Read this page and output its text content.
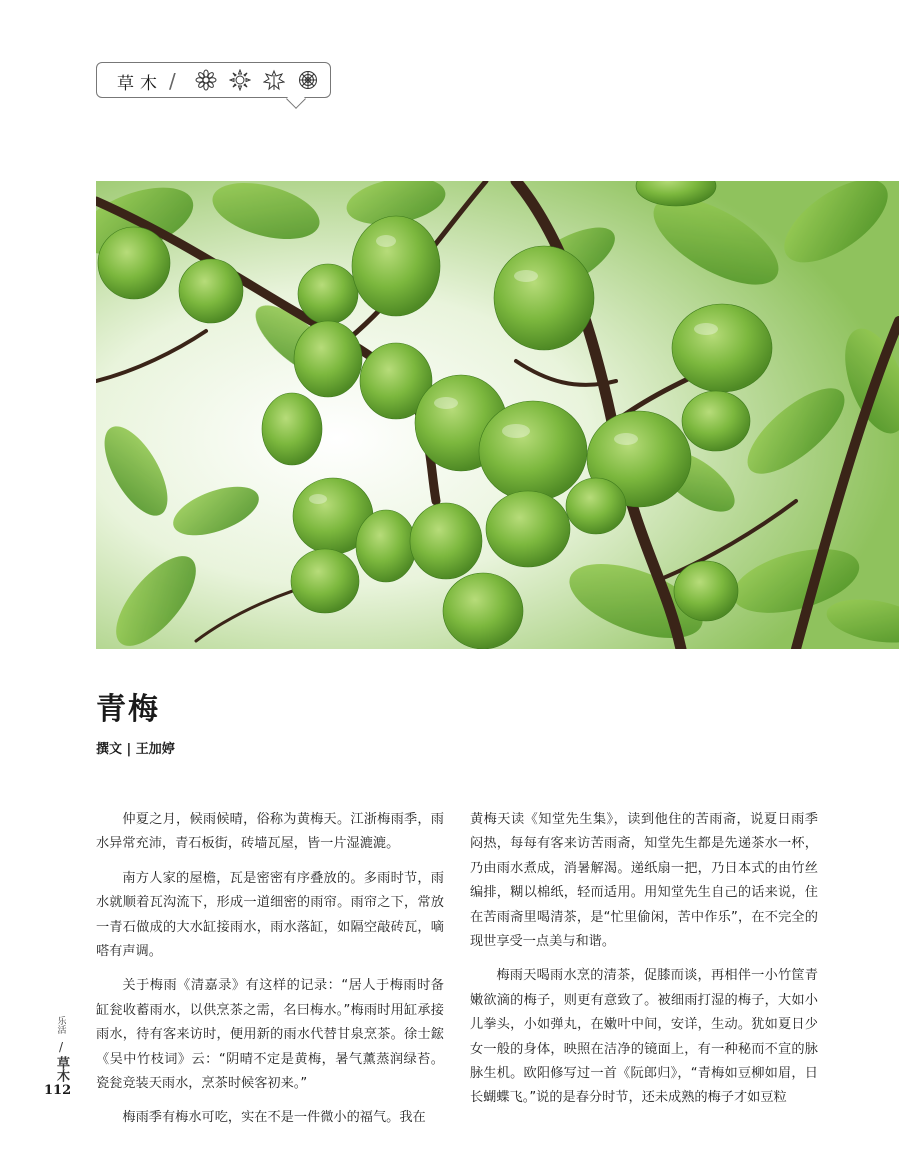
草木 /
青梅
撰文 | 王加婷

仲夏之月，候雨候晴，俗称为黄梅天。江浙梅雨季，雨水异常充沛，青石板街，砖墙瓦屋，皆一片湿漉漉。

南方人家的屋檐，瓦是密密有序叠放的。多雨时节，雨水就顺着瓦沟流下，形成一道细密的雨帘。雨帘之下，常放一青石做成的大水缸接雨水，雨水落缸，如隔空敲砖瓦，嘀嗒有声调。

关于梅雨《清嘉录》有这样的记录：“居人于梅雨时备缸瓮收蓄雨水，以供烹茶之需，名曰梅水。”梅雨时用缸承接雨水，待有客来访时，便用新的雨水代替甘泉烹茶。徐士鋐《吴中竹枝词》云：“阴晴不定是黄梅，暑气薰蒸润绿苔。瓷瓮竞装天雨水，烹茶时候客初来。”

梅雨季有梅水可吃，实在不是一件微小的福气。我在

黄梅天读《知堂先生集》，读到他住的苦雨斋，说夏日雨季闷热，每每有客来访苦雨斋，知堂先生都是先递茶水一杯，乃由雨水煮成，消暑解渴。递纸扇一把，乃日本式的由竹丝编排，糊以棉纸，轻而适用。用知堂先生自己的话来说，住在苦雨斋里喝清茶，是“忙里偷闲，苦中作乐”，在不完全的现世享受一点美与和谐。

梅雨天喝雨水烹的清茶，促膝而谈，再相伴一小竹筐青嫩欲滴的梅子，则更有意致了。被细雨打湿的梅子，大如小儿拳头，小如弹丸，在嫩叶中间，安详，生动。犹如夏日少女一般的身体，映照在洁净的镜面上，有一种秘而不宣的脉脉生机。欧阳修写过一首《阮郎归》，“青梅如豆柳如眉，日长蝴蝶飞。”说的是春分时节，还未成熟的梅子才如豆粒

乐活
/
草木
112
